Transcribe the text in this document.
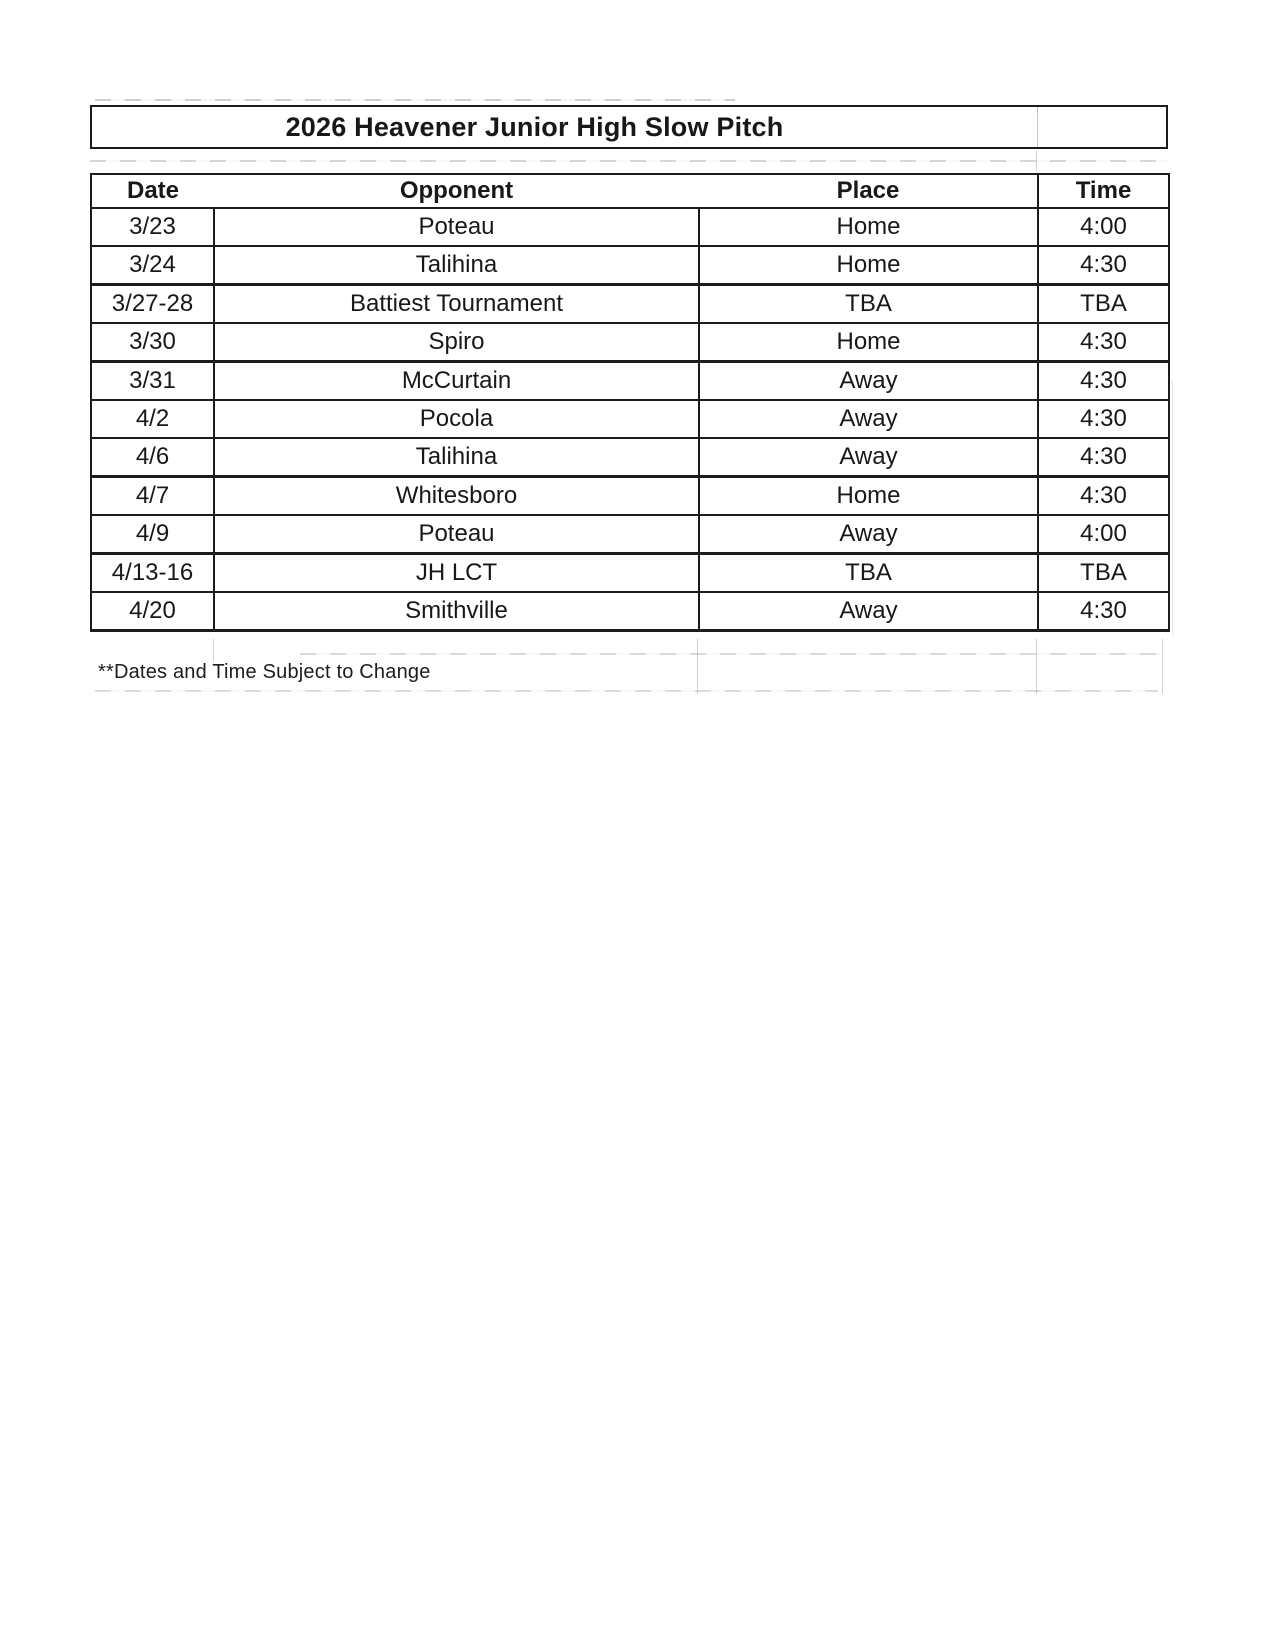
2026 Heavener Junior High Slow Pitch
Date	Opponent	Place	Time
3/23	Poteau	Home	4:00
3/24	Talihina	Home	4:30
3/27-28	Battiest Tournament	TBA	TBA
3/30	Spiro	Home	4:30
3/31	McCurtain	Away	4:30
4/2	Pocola	Away	4:30
4/6	Talihina	Away	4:30
4/7	Whitesboro	Home	4:30
4/9	Poteau	Away	4:00
4/13-16	JH LCT	TBA	TBA
4/20	Smithville	Away	4:30
**Dates and Time Subject to Change
